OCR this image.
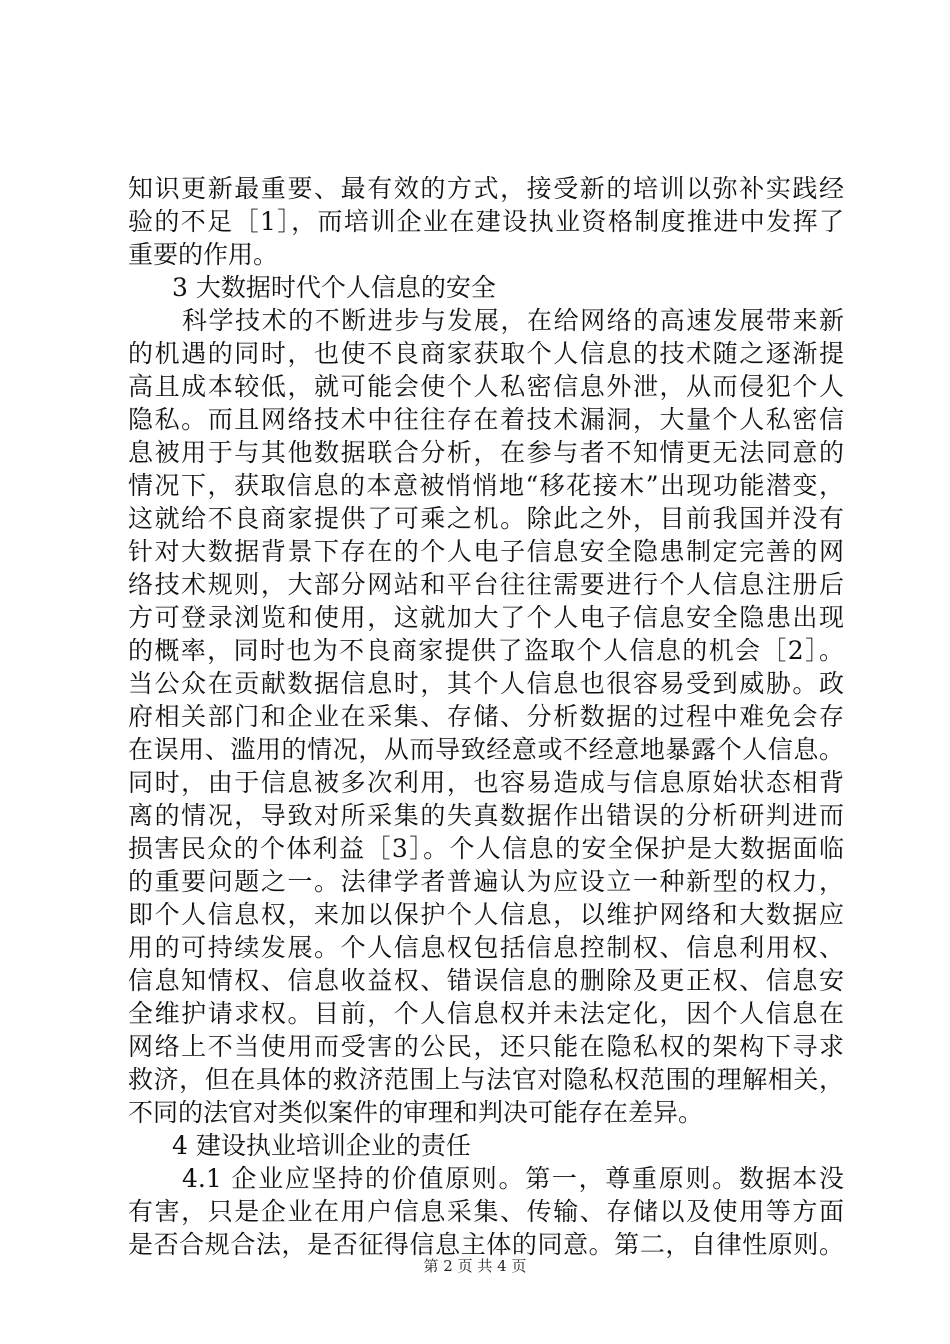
知识更新最重要、最有效的方式，接受新的培训以弥补实践经
验的不足［1］，而培训企业在建设执业资格制度推进中发挥了
重要的作用。
3 大数据时代个人信息的安全
科学技术的不断进步与发展，在给网络的高速发展带来新
的机遇的同时，也使不良商家获取个人信息的技术随之逐渐提
高且成本较低，就可能会使个人私密信息外泄，从而侵犯个人
隐私。而且网络技术中往往存在着技术漏洞，大量个人私密信
息被用于与其他数据联合分析，在参与者不知情更无法同意的
情况下，获取信息的本意被悄悄地“移花接木”出现功能潜变，
这就给不良商家提供了可乘之机。除此之外，目前我国并没有
针对大数据背景下存在的个人电子信息安全隐患制定完善的网
络技术规则，大部分网站和平台往往需要进行个人信息注册后
方可登录浏览和使用，这就加大了个人电子信息安全隐患出现
的概率，同时也为不良商家提供了盗取个人信息的机会［2］。
当公众在贡献数据信息时，其个人信息也很容易受到威胁。政
府相关部门和企业在采集、存储、分析数据的过程中难免会存
在误用、滥用的情况，从而导致经意或不经意地暴露个人信息。
同时，由于信息被多次利用，也容易造成与信息原始状态相背
离的情况，导致对所采集的失真数据作出错误的分析研判进而
损害民众的个体利益［3］。个人信息的安全保护是大数据面临
的重要问题之一。法律学者普遍认为应设立一种新型的权力，
即个人信息权，来加以保护个人信息，以维护网络和大数据应
用的可持续发展。个人信息权包括信息控制权、信息利用权、
信息知情权、信息收益权、错误信息的删除及更正权、信息安
全维护请求权。目前，个人信息权并未法定化，因个人信息在
网络上不当使用而受害的公民，还只能在隐私权的架构下寻求
救济，但在具体的救济范围上与法官对隐私权范围的理解相关，
不同的法官对类似案件的审理和判决可能存在差异。
4 建设执业培训企业的责任
4.1 企业应坚持的价值原则。第一，尊重原则。数据本没
有害，只是企业在用户信息采集、传输、存储以及使用等方面
是否合规合法，是否征得信息主体的同意。第二，自律性原则。
第 2 页 共 4 页
